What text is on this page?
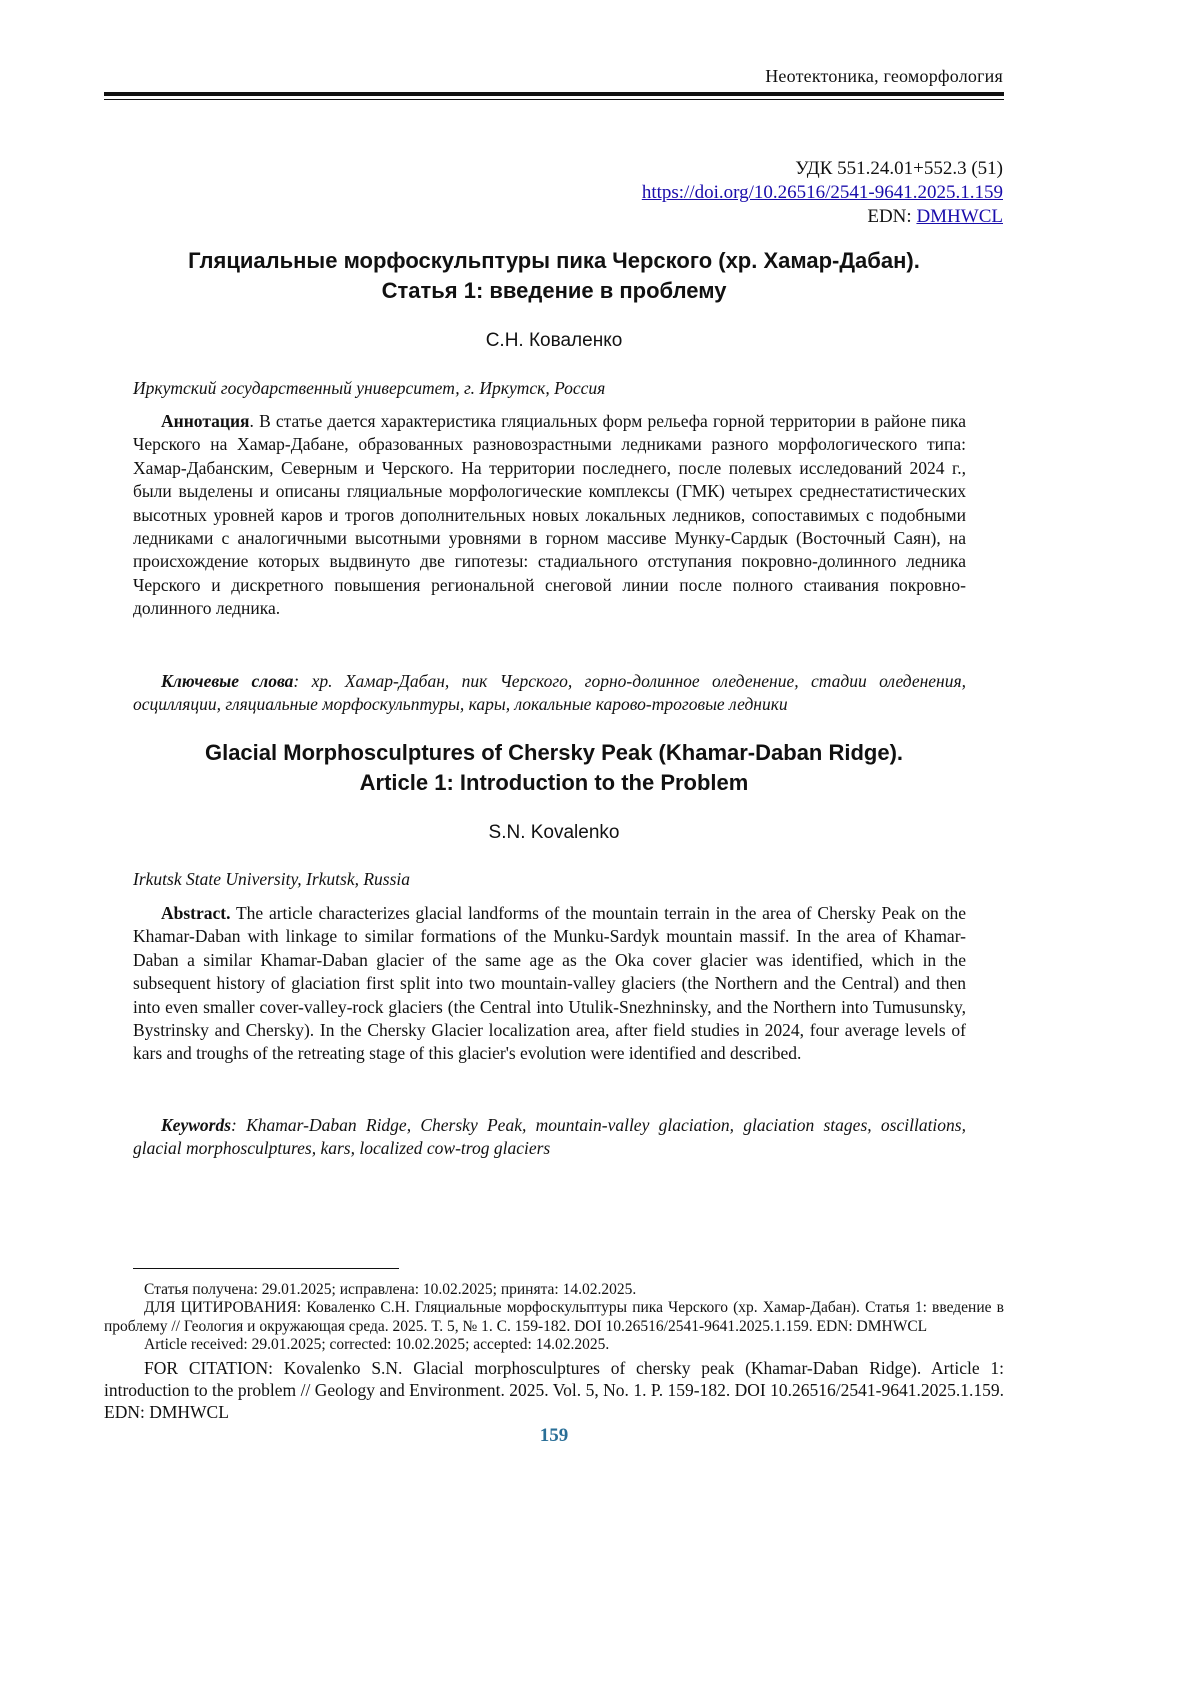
Неотектоника, геоморфология
УДК 551.24.01+552.3 (51)
https://doi.org/10.26516/2541-9641.2025.1.159
EDN: DMHWCL
Гляциальные морфоскульптуры пика Черского (хр. Хамар-Дабан).
Статья 1: введение в проблему
С.Н. Коваленко
Иркутский государственный университет, г. Иркутск, Россия

Аннотация. В статье дается характеристика гляциальных форм рельефа горной территории в районе пика Черского на Хамар-Дабане, образованных разновозрастными ледниками разного морфологического типа: Хамар-Дабанским, Северным и Черского. На территории последнего, после полевых исследований 2024 г., были выделены и описаны гляциальные морфологические комплексы (ГМК) четырех среднестатистических высотных уровней каров и трогов дополнительных новых локальных ледников, сопоставимых с подобными ледниками с аналогичными высотными уровнями в горном массиве Мунку-Сардык (Восточный Саян), на происхождение которых выдвинуто две гипотезы: стадиального отступания покровно-долинного ледника Черского и дискретного повышения региональной снеговой линии после полного стаивания покровно-долинного ледника.

Ключевые слова: хр. Хамар-Дабан, пик Черского, горно-долинное оледенение, стадии оледенения, осцилляции, гляциальные морфоскульптуры, кары, локальные карово-троговые ледники

Glacial Morphosculptures of Chersky Peak (Khamar-Daban Ridge).
Article 1: Introduction to the Problem
S.N. Kovalenko
Irkutsk State University, Irkutsk, Russia

Abstract. The article characterizes glacial landforms of the mountain terrain in the area of Chersky Peak on the Khamar-Daban with linkage to similar formations of the Munku-Sardyk mountain massif. In the area of Khamar-Daban a similar Khamar-Daban glacier of the same age as the Oka cover glacier was identified, which in the subsequent history of glaciation first split into two mountain-valley glaciers (the Northern and the Central) and then into even smaller cover-valley-rock glaciers (the Central into Utulik-Snezhninsky, and the Northern into Tumusunsky, Bystrinsky and Chersky). In the Chersky Glacier localization area, after field studies in 2024, four average levels of kars and troughs of the retreating stage of this glacier's evolution were identified and described.

Keywords: Khamar-Daban Ridge, Chersky Peak, mountain-valley glaciation, glaciation stages, oscillations, glacial morphosculptures, kars, localized cow-trog glaciers

Статья получена: 29.01.2025; исправлена: 10.02.2025; принята: 14.02.2025.

ДЛЯ ЦИТИРОВАНИЯ: Коваленко С.Н. Гляциальные морфоскульптуры пика Черского (хр. Хамар-Дабан). Статья 1: введение в проблему // Геология и окружающая среда. 2025. Т. 5, № 1. С. 159-182. DOI 10.26516/2541-9641.2025.1.159. EDN: DMHWCL

Article received: 29.01.2025; corrected: 10.02.2025; accepted: 14.02.2025.

FOR CITATION: Kovalenko S.N. Glacial morphosculptures of chersky peak (Khamar-Daban Ridge). Article 1: introduction to the problem // Geology and Environment. 2025. Vol. 5, No. 1. P. 159-182. DOI 10.26516/2541-9641.2025.1.159. EDN: DMHWCL

159
